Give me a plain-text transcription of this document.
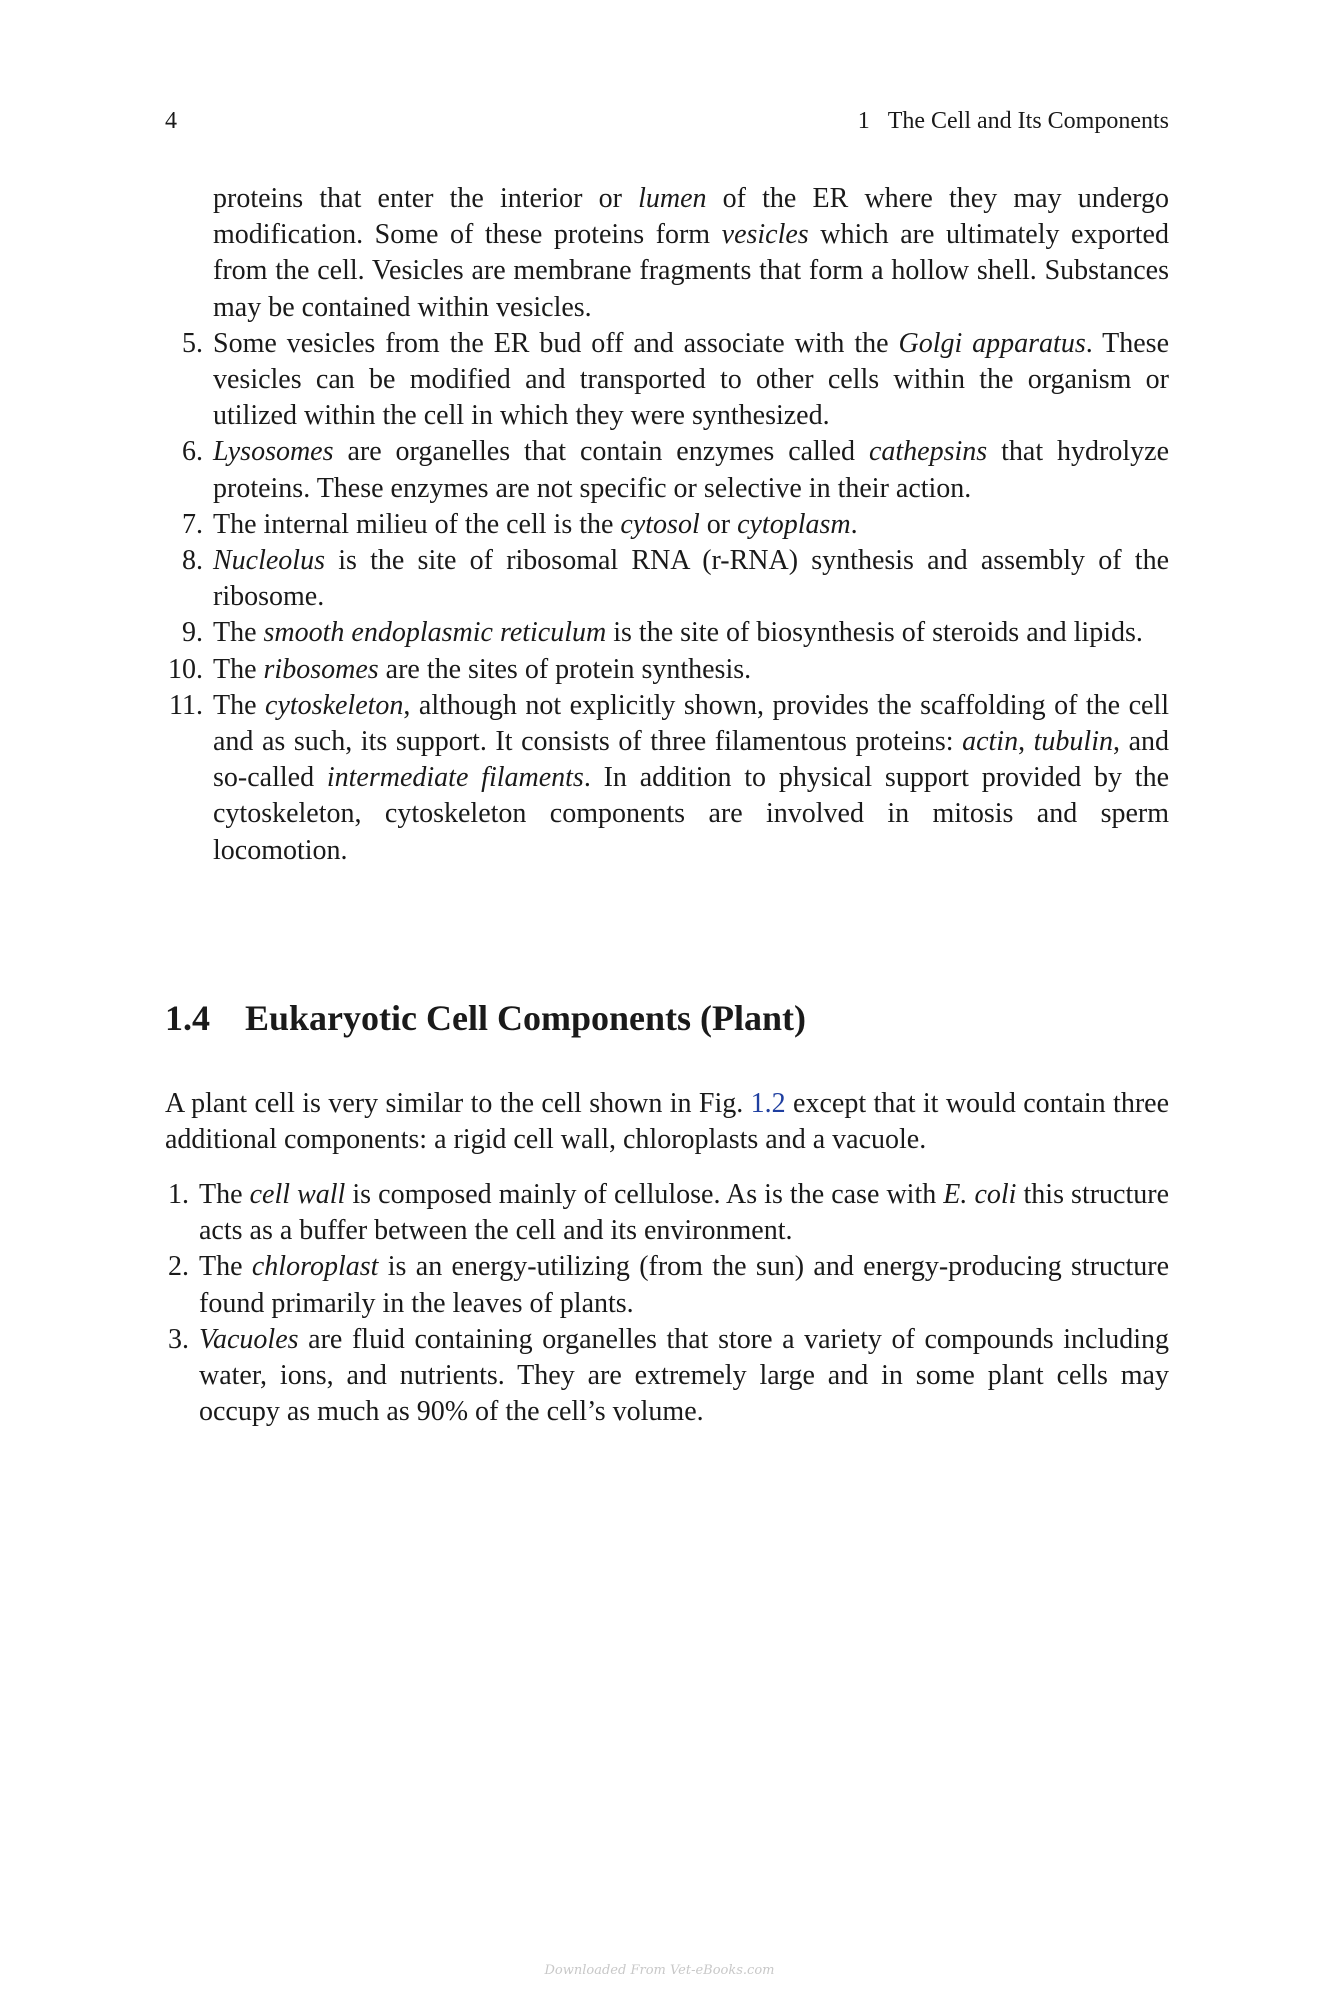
4	1 The Cell and Its Components

proteins that enter the interior or lumen of the ER where they may undergo modification. Some of these proteins form vesicles which are ultimately exported from the cell. Vesicles are membrane fragments that form a hollow shell. Substances may be contained within vesicles.

5. Some vesicles from the ER bud off and associate with the Golgi apparatus. These vesicles can be modified and transported to other cells within the organism or utilized within the cell in which they were synthesized.
6. Lysosomes are organelles that contain enzymes called cathepsins that hydrolyze proteins. These enzymes are not specific or selective in their action.
7. The internal milieu of the cell is the cytosol or cytoplasm.
8. Nucleolus is the site of ribosomal RNA (r-RNA) synthesis and assembly of the ribosome.
9. The smooth endoplasmic reticulum is the site of biosynthesis of steroids and lipids.
10. The ribosomes are the sites of protein synthesis.
11. The cytoskeleton, although not explicitly shown, provides the scaffolding of the cell and as such, its support. It consists of three filamentous proteins: actin, tubulin, and so-called intermediate filaments. In addition to physical support provided by the cytoskeleton, cytoskeleton components are involved in mitosis and sperm locomotion.
1.4 Eukaryotic Cell Components (Plant)

A plant cell is very similar to the cell shown in Fig. 1.2 except that it would contain three additional components: a rigid cell wall, chloroplasts and a vacuole.

1. The cell wall is composed mainly of cellulose. As is the case with E. coli this structure acts as a buffer between the cell and its environment.
2. The chloroplast is an energy-utilizing (from the sun) and energy-producing structure found primarily in the leaves of plants.
3. Vacuoles are fluid containing organelles that store a variety of compounds including water, ions, and nutrients. They are extremely large and in some plant cells may occupy as much as 90% of the cell’s volume.
Downloaded From Vet-eBooks.com
